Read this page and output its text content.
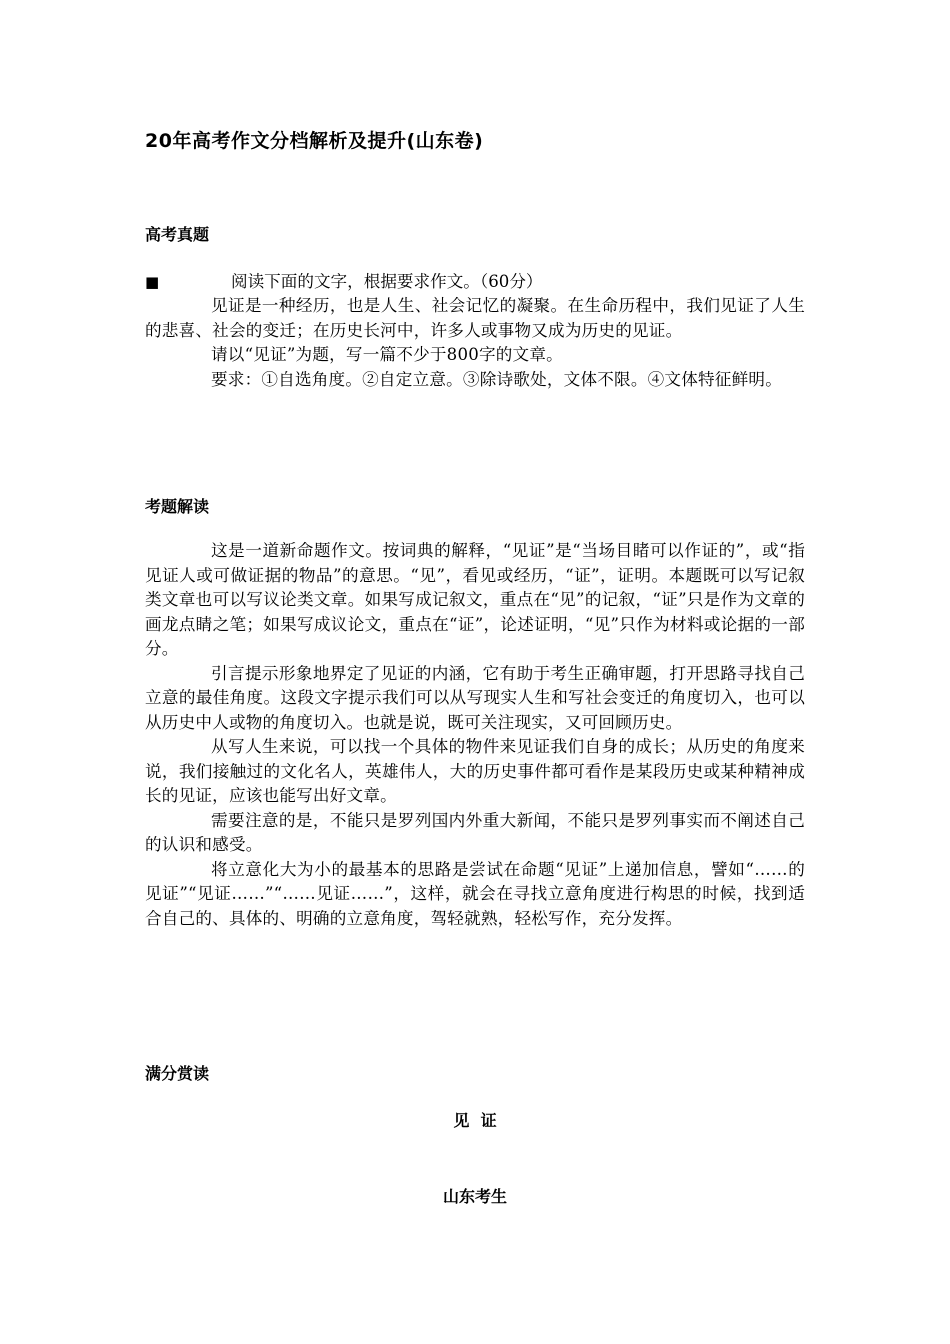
20年高考作文分档解析及提升(山东卷)
高考真题
■	阅读下面的文字，根据要求作文。（60分）

见证是一种经历，也是人生、社会记忆的凝聚。在生命历程中，我们见证了人生的悲喜、社会的变迁；在历史长河中，许多人或事物又成为历史的见证。

请以“见证”为题，写一篇不少于800字的文章。

要求：①自选角度。②自定立意。③除诗歌处，文体不限。④文体特征鲜明。

考题解读

这是一道新命题作文。按词典的解释，“见证”是“当场目睹可以作证的”，或“指见证人或可做证据的物品”的意思。“见”，看见或经历，“证”，证明。本题既可以写记叙类文章也可以写议论类文章。如果写成记叙文，重点在“见”的记叙，“证”只是作为文章的画龙点睛之笔；如果写成议论文，重点在“证”，论述证明，“见”只作为材料或论据的一部分。

引言提示形象地界定了见证的内涵，它有助于考生正确审题，打开思路寻找自己立意的最佳角度。这段文字提示我们可以从写现实人生和写社会变迁的角度切入，也可以从历史中人或物的角度切入。也就是说，既可关注现实，又可回顾历史。

从写人生来说，可以找一个具体的物件来见证我们自身的成长；从历史的角度来说，我们接触过的文化名人，英雄伟人，大的历史事件都可看作是某段历史或某种精神成长的见证，应该也能写出好文章。

需要注意的是，不能只是罗列国内外重大新闻，不能只是罗列事实而不阐述自己的认识和感受。

将立意化大为小的最基本的思路是尝试在命题“见证”上递加信息，譬如“……的见证”“见证……”“……见证……”，这样，就会在寻找立意角度进行构思的时候，找到适合自己的、具体的、明确的立意角度，驾轻就熟，轻松写作，充分发挥。

满分赏读
见  证
山东考生
